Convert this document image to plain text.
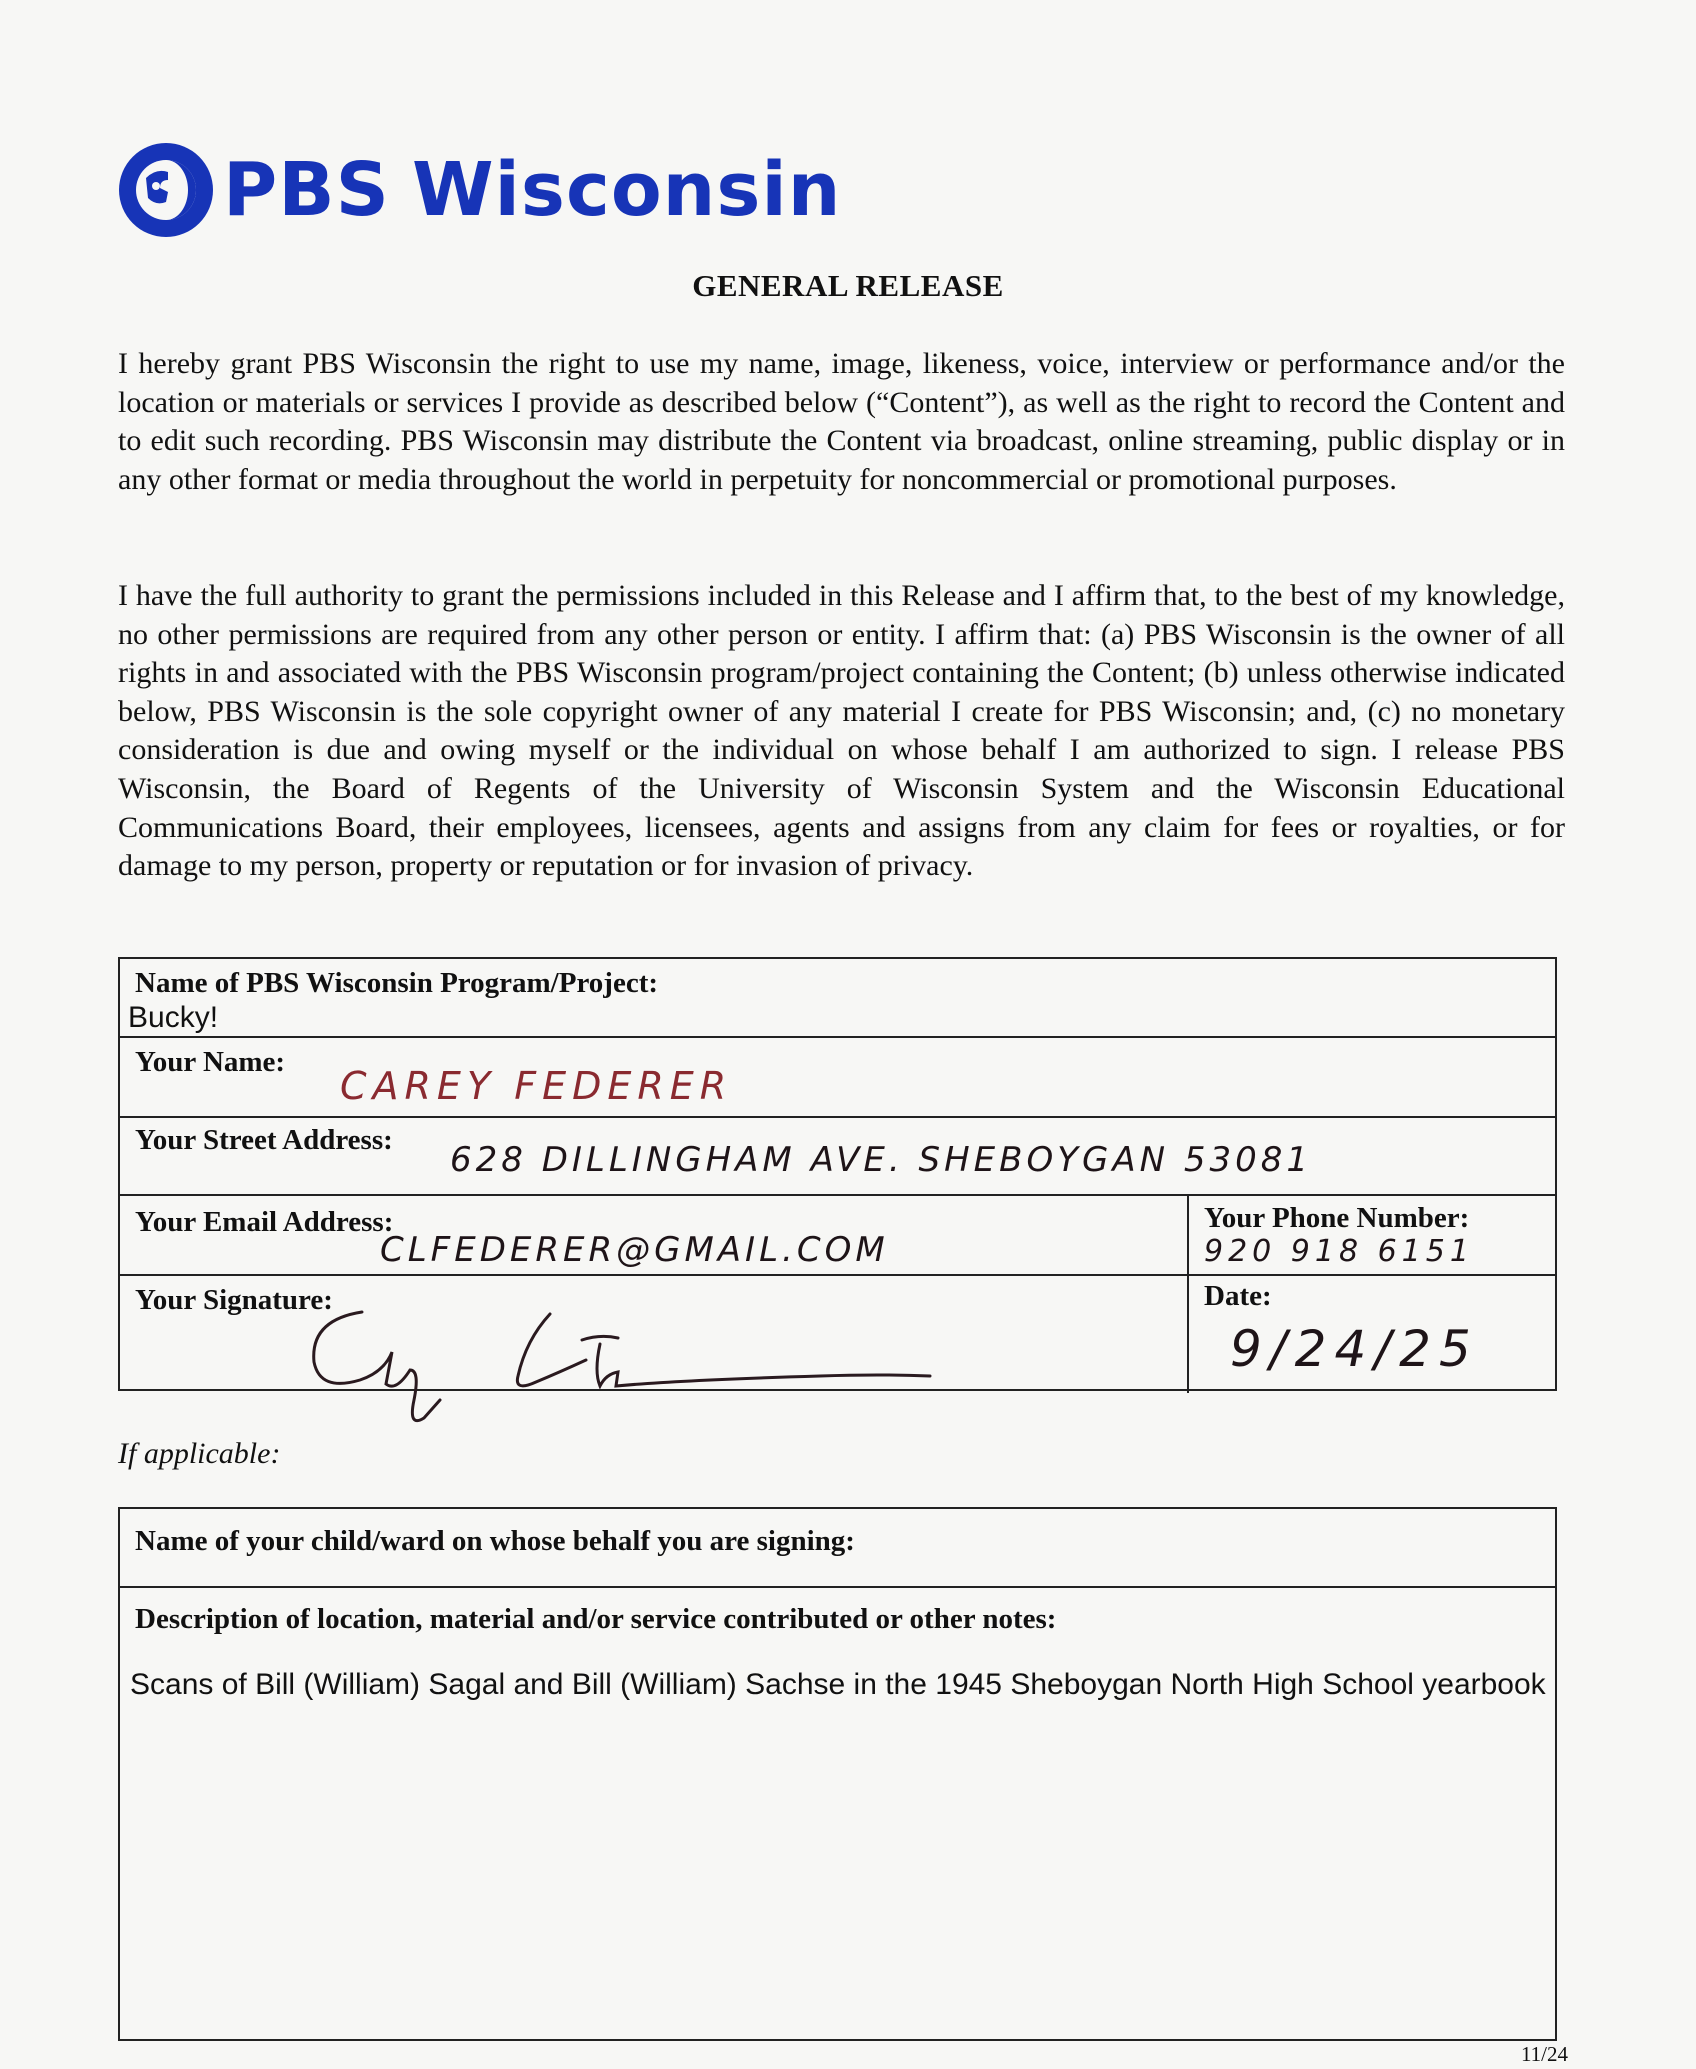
PBS Wisconsin
GENERAL RELEASE
I hereby grant PBS Wisconsin the right to use my name, image, likeness, voice, interview or performance and/or the location or materials or services I provide as described below (“Content”), as well as the right to record the Content and to edit such recording. PBS Wisconsin may distribute the Content via broadcast, online streaming, public display or in any other format or media throughout the world in perpetuity for noncommercial or promotional purposes.
I have the full authority to grant the permissions included in this Release and I affirm that, to the best of my knowledge, no other permissions are required from any other person or entity. I affirm that: (a) PBS Wisconsin is the owner of all rights in and associated with the PBS Wisconsin program/project containing the Content; (b) unless otherwise indicated below, PBS Wisconsin is the sole copyright owner of any material I create for PBS Wisconsin; and, (c) no monetary consideration is due and owing myself or the individual on whose behalf I am authorized to sign. I release PBS Wisconsin, the Board of Regents of the University of Wisconsin System and the Wisconsin Educational Communications Board, their employees, licensees, agents and assigns from any claim for fees or royalties, or for damage to my person, property or reputation or for invasion of privacy.
Name of PBS Wisconsin Program/Project:
Bucky!
Your Name:
CAREY FEDERER
Your Street Address: 628 DILLINGHAM AVE. SHEBOYGAN 53081
Your Email Address:
CLFEDERER@GMAIL.COM
Your Phone Number:
920 918 6151
Your Signature:	Date:
9/24/25
If applicable:
Name of your child/ward on whose behalf you are signing:
Description of location, material and/or service contributed or other notes:
Scans of Bill (William) Sagal and Bill (William) Sachse in the 1945 Sheboygan North High School yearbook
11/24
